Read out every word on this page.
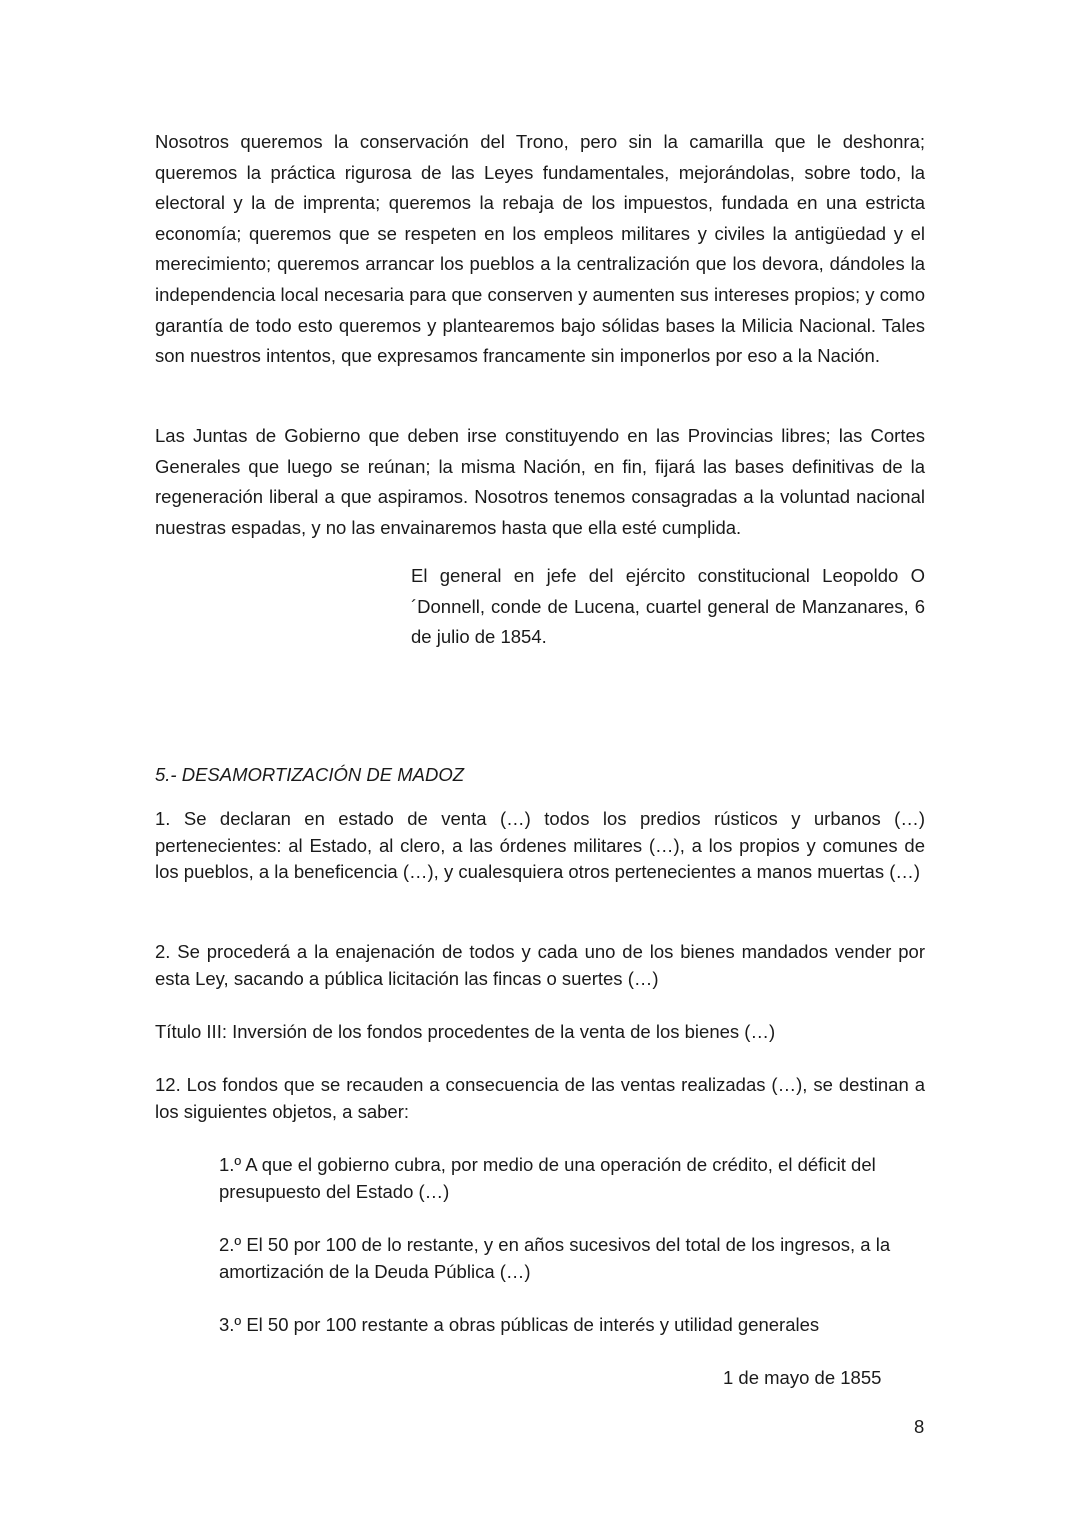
Nosotros queremos la conservación del Trono, pero sin la camarilla que le deshonra; queremos la práctica rigurosa de las Leyes fundamentales, mejorándolas, sobre todo, la electoral y la de imprenta; queremos la rebaja de los impuestos, fundada en una estricta economía; queremos que se respeten en los empleos militares y civiles la antigüedad y el merecimiento; queremos arrancar los pueblos a la centralización que los devora, dándoles la independencia local necesaria para que conserven y aumenten sus intereses propios; y como garantía de todo esto queremos y plantearemos bajo sólidas bases la Milicia Nacional. Tales son nuestros intentos, que expresamos francamente sin imponerlos por eso a la Nación.

Las Juntas de Gobierno que deben irse constituyendo en las Provincias libres; las Cortes Generales que luego se reúnan; la misma Nación, en fin, fijará las bases definitivas de la regeneración liberal a que aspiramos. Nosotros tenemos consagradas a la voluntad nacional nuestras espadas, y no las envainaremos hasta que ella esté cumplida.

El general en jefe del ejército constitucional Leopoldo O´Donnell, conde de Lucena, cuartel general de Manzanares, 6 de julio de 1854.

5.- DESAMORTIZACIÓN DE MADOZ

1. Se declaran en estado de venta (…) todos los predios rústicos y urbanos (…) pertenecientes: al Estado, al clero, a las órdenes militares (…), a los propios y comunes de los pueblos, a la beneficencia (…), y cualesquiera otros pertenecientes a manos muertas (…)

2. Se procederá a la enajenación de todos y cada uno de los bienes mandados vender por esta Ley, sacando a pública licitación las fincas o suertes (…)

Título III: Inversión de los fondos procedentes de la venta de los bienes (…)

12. Los fondos que se recauden a consecuencia de las ventas realizadas (…), se destinan a los siguientes objetos, a saber:

1.º A que el gobierno cubra, por medio de una operación de crédito, el déficit del presupuesto del Estado (…)

2.º El 50 por 100 de lo restante, y en años sucesivos del total de los ingresos, a la amortización de la Deuda Pública (…)

3.º El 50 por 100 restante a obras públicas de interés y utilidad generales

1 de mayo de 1855

8
